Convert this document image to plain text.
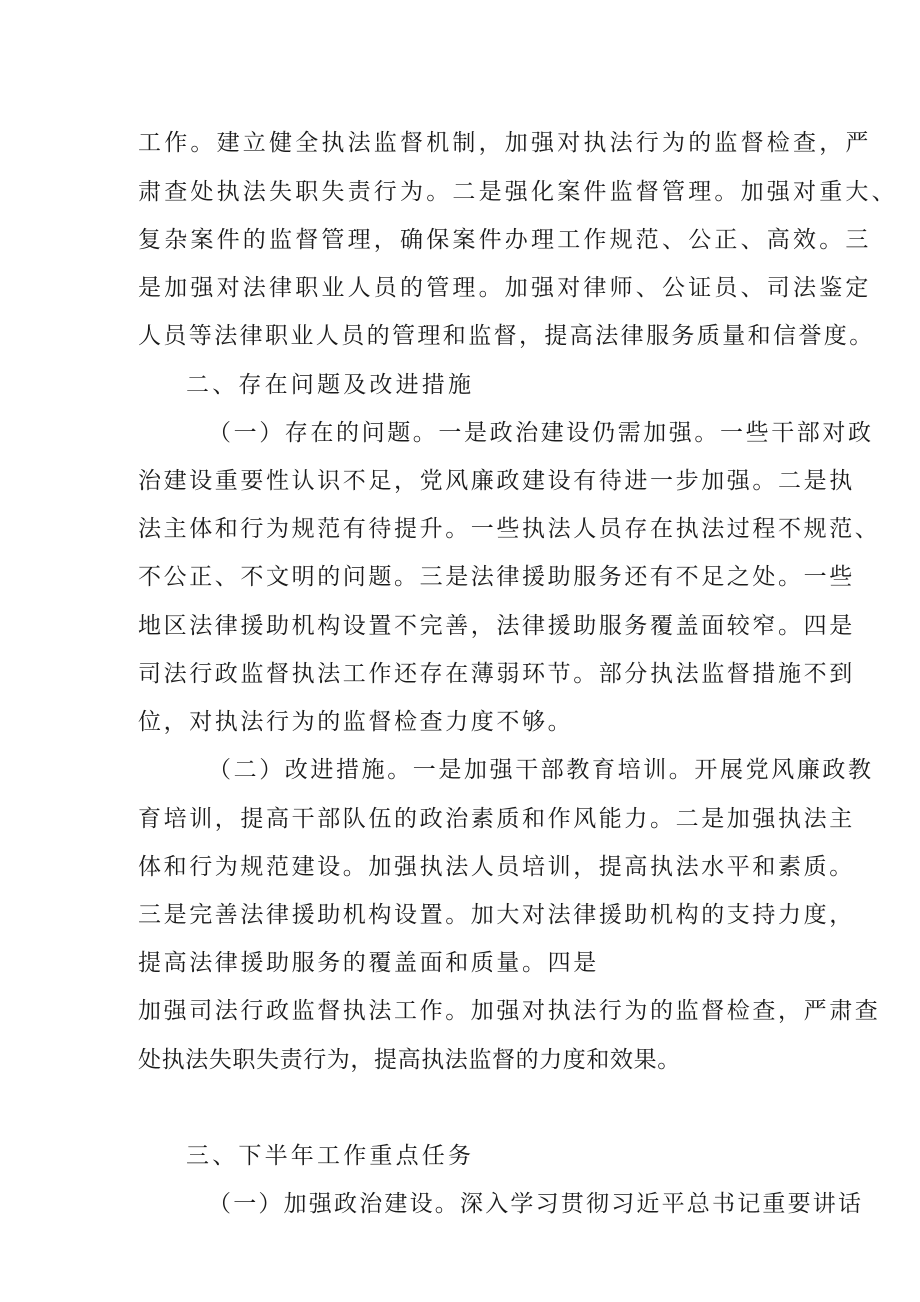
工作。建立健全执法监督机制，加强对执法行为的监督检查，严
肃查处执法失职失责行为。二是强化案件监督管理。加强对重大、
复杂案件的监督管理，确保案件办理工作规范、公正、高效。三
是加强对法律职业人员的管理。加强对律师、公证员、司法鉴定
人员等法律职业人员的管理和监督，提高法律服务质量和信誉度。
二、存在问题及改进措施
（一）存在的问题。一是政治建设仍需加强。一些干部对政
治建设重要性认识不足，党风廉政建设有待进一步加强。二是执
法主体和行为规范有待提升。一些执法人员存在执法过程不规范、
不公正、不文明的问题。三是法律援助服务还有不足之处。一些
地区法律援助机构设置不完善，法律援助服务覆盖面较窄。四是
司法行政监督执法工作还存在薄弱环节。部分执法监督措施不到
位，对执法行为的监督检查力度不够。
（二）改进措施。一是加强干部教育培训。开展党风廉政教
育培训，提高干部队伍的政治素质和作风能力。二是加强执法主
体和行为规范建设。加强执法人员培训，提高执法水平和素质。
三是完善法律援助机构设置。加大对法律援助机构的支持力度，
提高法律援助服务的覆盖面和质量。四是
加强司法行政监督执法工作。加强对执法行为的监督检查，严肃查
处执法失职失责行为，提高执法监督的力度和效果。
三、下半年工作重点任务
（一）加强政治建设。深入学习贯彻习近平总书记重要讲话
